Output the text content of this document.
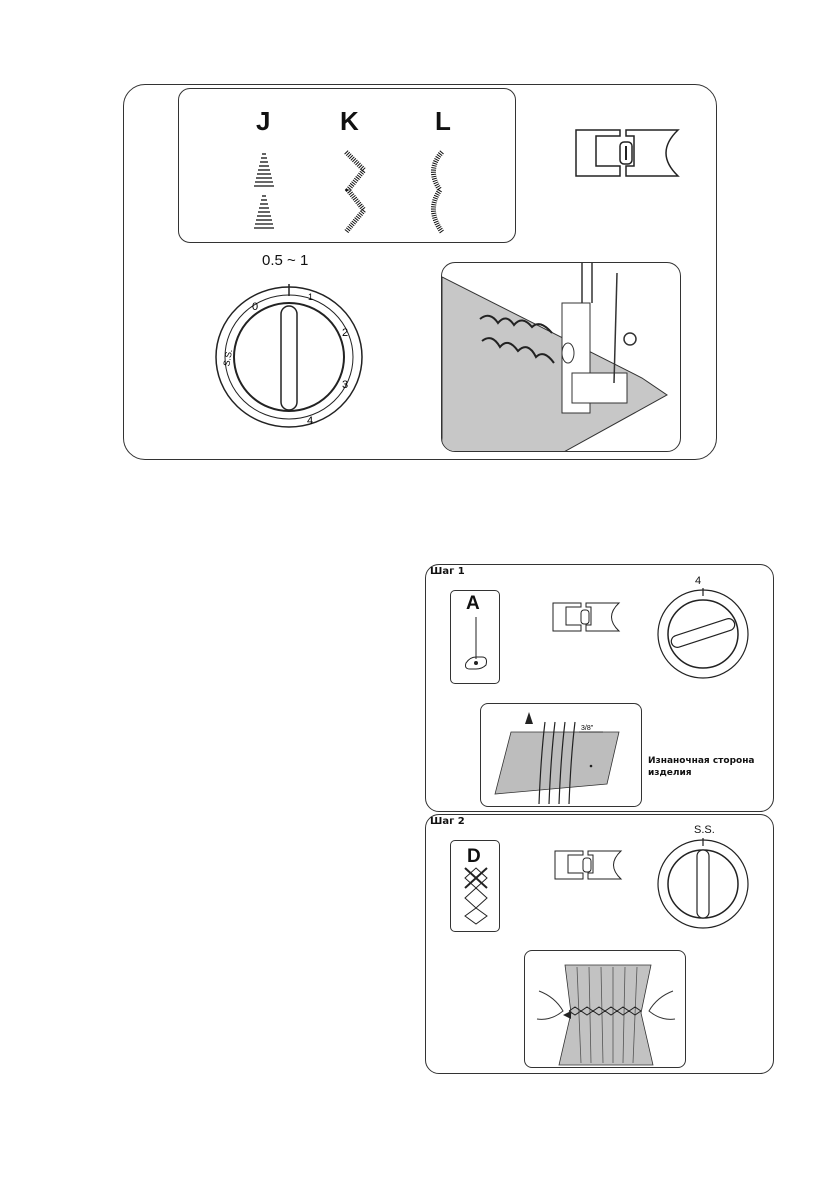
J	K	L
0.5 ~ 1
0
1
2
3
4
S.S.
Шаг 1
A
4
3/8"
Изнаночная сторона изделия
Шаг 2
D
S.S.
